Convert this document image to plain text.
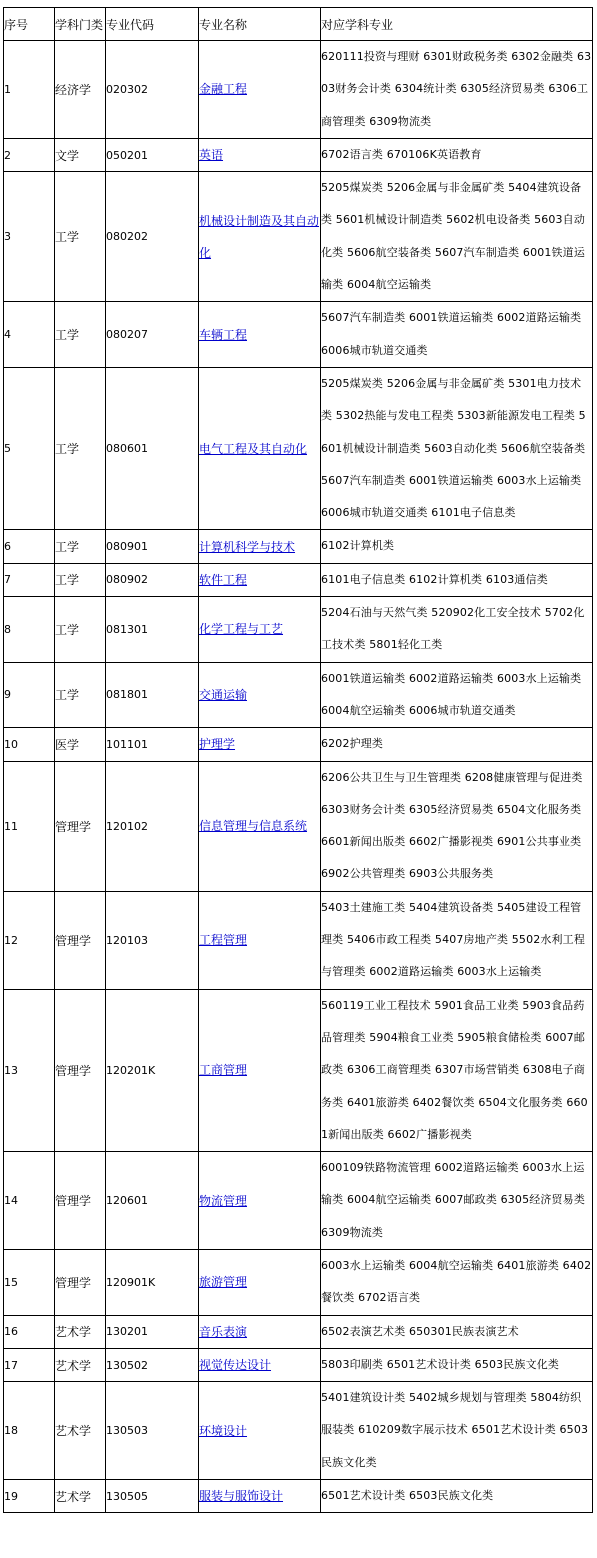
序号	学科门类	专业代码	专业名称	对应学科专业
1	经济学	020302	金融工程	620111投资与理财 6301财政税务类 6302金融类 6303财务会计类 6304统计类 6305经济贸易类 6306工商管理类 6309物流类
2	文学	050201	英语	6702语言类 670106K英语教育
3	工学	080202	机械设计制造及其自动化	5205煤炭类 5206金属与非金属矿类 5404建筑设备类 5601机械设计制造类 5602机电设备类 5603自动化类 5606航空装备类 5607汽车制造类 6001铁道运输类 6004航空运输类
4	工学	080207	车辆工程	5607汽车制造类 6001铁道运输类 6002道路运输类 6006城市轨道交通类
5	工学	080601	电气工程及其自动化	5205煤炭类 5206金属与非金属矿类 5301电力技术类 5302热能与发电工程类 5303新能源发电工程类 5601机械设计制造类 5603自动化类 5606航空装备类 5607汽车制造类 6001铁道运输类 6003水上运输类 6006城市轨道交通类 6101电子信息类
6	工学	080901	计算机科学与技术	6102计算机类
7	工学	080902	软件工程	6101电子信息类 6102计算机类 6103通信类
8	工学	081301	化学工程与工艺	5204石油与天然气类 520902化工安全技术 5702化工技术类 5801轻化工类
9	工学	081801	交通运输	6001铁道运输类 6002道路运输类 6003水上运输类 6004航空运输类 6006城市轨道交通类
10	医学	101101	护理学	6202护理类
11	管理学	120102	信息管理与信息系统	6206公共卫生与卫生管理类 6208健康管理与促进类 6303财务会计类 6305经济贸易类 6504文化服务类 6601新闻出版类 6602广播影视类 6901公共事业类 6902公共管理类 6903公共服务类
12	管理学	120103	工程管理	5403土建施工类 5404建筑设备类 5405建设工程管理类 5406市政工程类 5407房地产类 5502水利工程与管理类 6002道路运输类 6003水上运输类
13	管理学	120201K	工商管理	560119工业工程技术 5901食品工业类 5903食品药品管理类 5904粮食工业类 5905粮食储检类 6007邮政类 6306工商管理类 6307市场营销类 6308电子商务类 6401旅游类 6402餐饮类 6504文化服务类 6601新闻出版类 6602广播影视类
14	管理学	120601	物流管理	600109铁路物流管理 6002道路运输类 6003水上运输类 6004航空运输类 6007邮政类 6305经济贸易类 6309物流类
15	管理学	120901K	旅游管理	6003水上运输类 6004航空运输类 6401旅游类 6402餐饮类 6702语言类
16	艺术学	130201	音乐表演	6502表演艺术类 650301民族表演艺术
17	艺术学	130502	视觉传达设计	5803印刷类 6501艺术设计类 6503民族文化类
18	艺术学	130503	环境设计	5401建筑设计类 5402城乡规划与管理类 5804纺织服装类 610209数字展示技术 6501艺术设计类 6503民族文化类
19	艺术学	130505	服装与服饰设计	6501艺术设计类 6503民族文化类
